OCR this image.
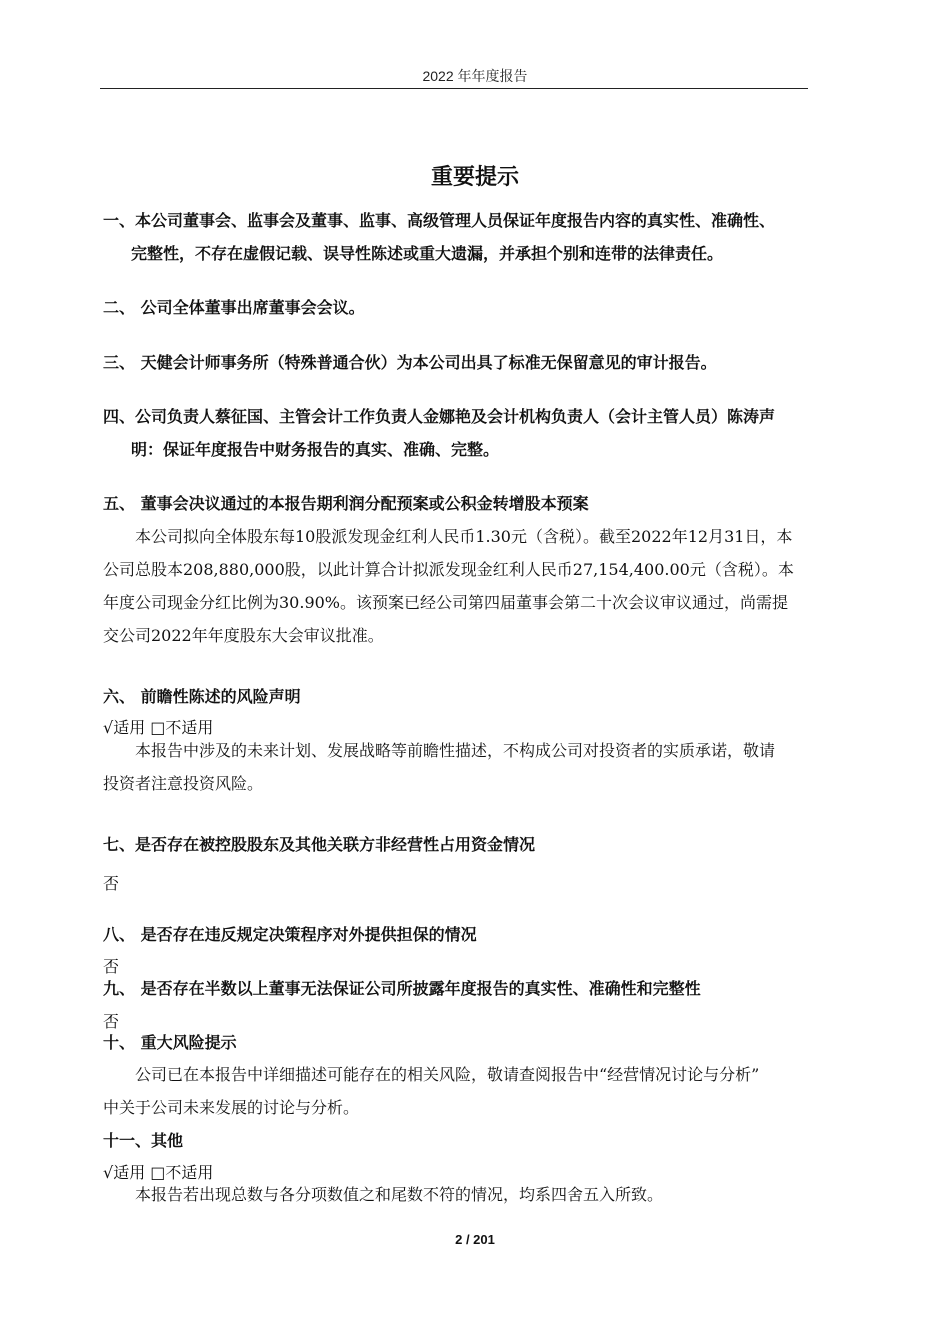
2022 年年度报告
重要提示
一、本公司董事会、监事会及董事、监事、高级管理人员保证年度报告内容的真实性、准确性、
完整性，不存在虚假记载、误导性陈述或重大遗漏，并承担个别和连带的法律责任。
二、 公司全体董事出席董事会会议。
三、 天健会计师事务所（特殊普通合伙）为本公司出具了标准无保留意见的审计报告。
四、公司负责人蔡征国、主管会计工作负责人金娜艳及会计机构负责人（会计主管人员）陈涛声
明：保证年度报告中财务报告的真实、准确、完整。
五、 董事会决议通过的本报告期利润分配预案或公积金转增股本预案
本公司拟向全体股东每10股派发现金红利人民币1.30元（含税）。截至2022年12月31日，本
公司总股本208,880,000股，以此计算合计拟派发现金红利人民币27,154,400.00元（含税）。本
年度公司现金分红比例为30.90%。该预案已经公司第四届董事会第二十次会议审议通过，尚需提
交公司2022年年度股东大会审议批准。
六、 前瞻性陈述的风险声明
√适用 □不适用
本报告中涉及的未来计划、发展战略等前瞻性描述，不构成公司对投资者的实质承诺，敬请
投资者注意投资风险。
七、是否存在被控股股东及其他关联方非经营性占用资金情况
否
八、 是否存在违反规定决策程序对外提供担保的情况
否
九、 是否存在半数以上董事无法保证公司所披露年度报告的真实性、准确性和完整性
否
十、 重大风险提示
公司已在本报告中详细描述可能存在的相关风险，敬请查阅报告中“经营情况讨论与分析”
中关于公司未来发展的讨论与分析。
十一、其他
√适用 □不适用
本报告若出现总数与各分项数值之和尾数不符的情况，均系四舍五入所致。
2 / 201
